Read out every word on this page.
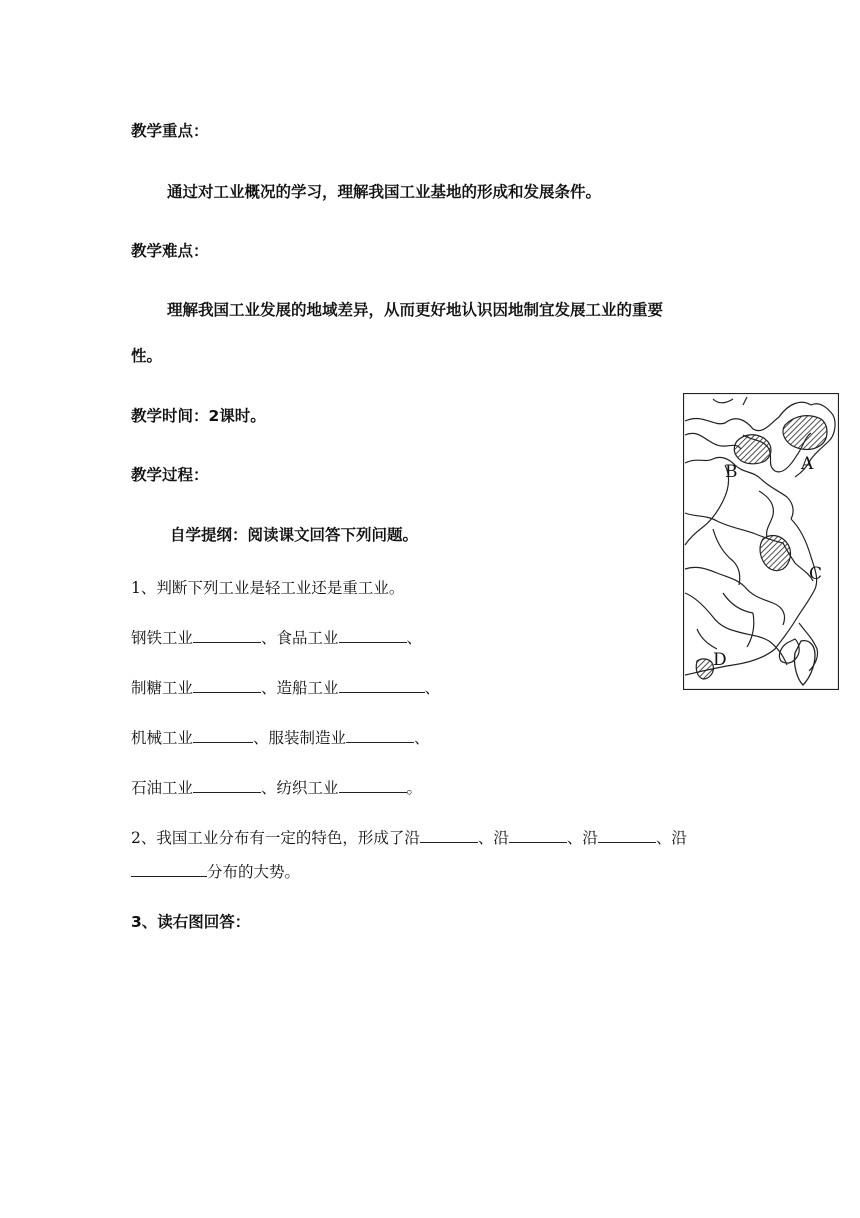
教学重点：
通过对工业概况的学习，理解我国工业基地的形成和发展条件。
教学难点：
理解我国工业发展的地域差异，从而更好地认识因地制宜发展工业的重要
性。
教学时间：2课时。
教学过程：
自学提纲：阅读课文回答下列问题。
1、判断下列工业是轻工业还是重工业。
钢铁工业	、食品工业	、
制糖工业	、造船工业	、
机械工业	、服装制造业	、
石油工业	、纺织工业	。
2、我国工业分布有一定的特色，形成了沿	、沿	、沿	、沿
分布的大势。
3、读右图回答：
A
B
C
D
